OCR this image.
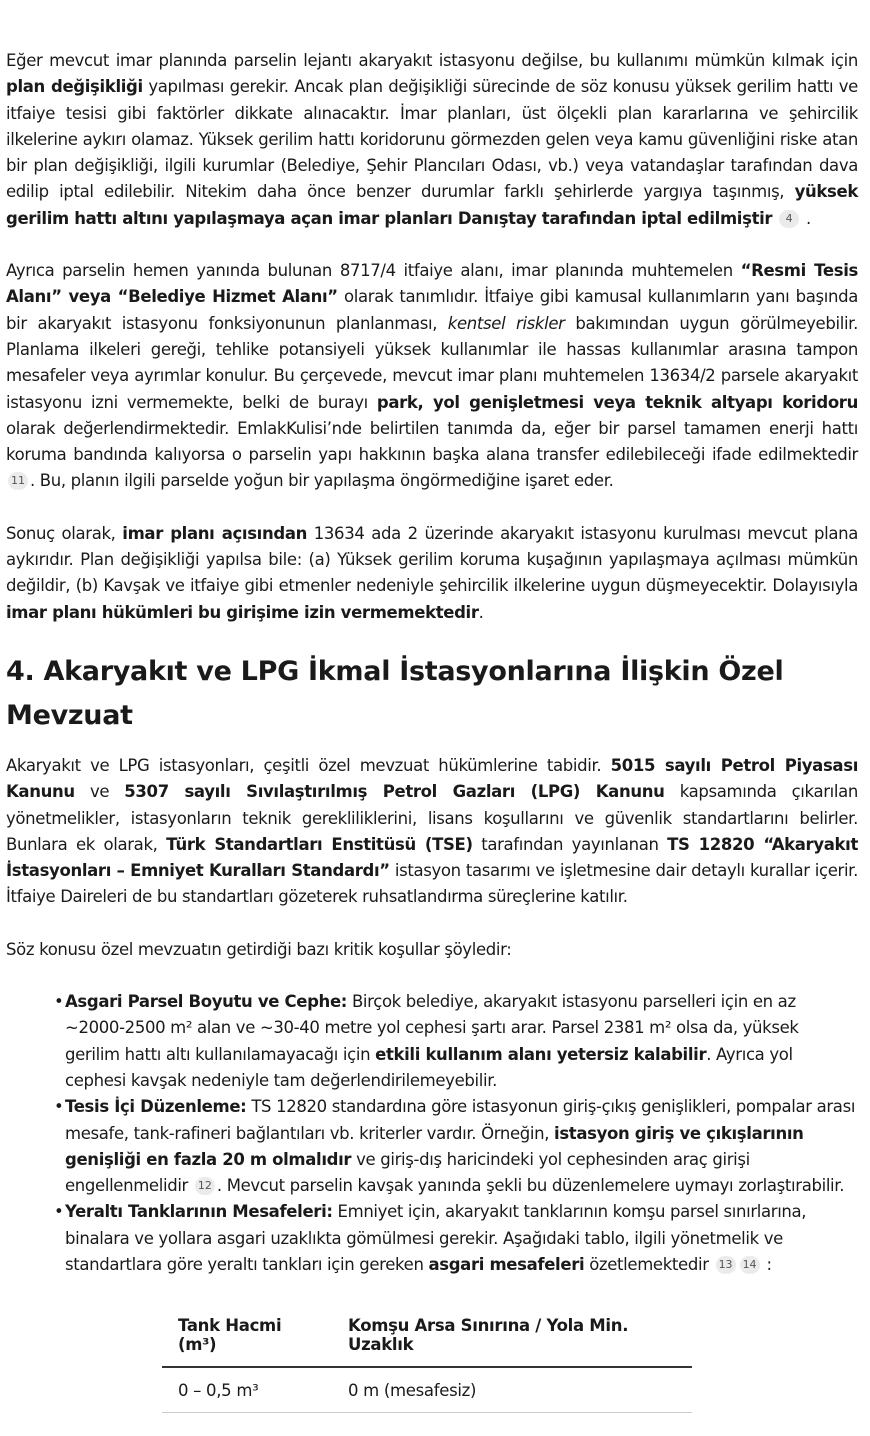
Eğer mevcut imar planında parselin lejantı akaryakıt istasyonu değilse, bu kullanımı mümkün kılmak için plan değişikliği yapılması gerekir. Ancak plan değişikliği sürecinde de söz konusu yüksek gerilim hattı ve itfaiye tesisi gibi faktörler dikkate alınacaktır. İmar planları, üst ölçekli plan kararlarına ve şehircilik ilkelerine aykırı olamaz. Yüksek gerilim hattı koridorunu görmezden gelen veya kamu güvenliğini riske atan bir plan değişikliği, ilgili kurumlar (Belediye, Şehir Plancıları Odası, vb.) veya vatandaşlar tarafından dava edilip iptal edilebilir. Nitekim daha önce benzer durumlar farklı şehirlerde yargıya taşınmış, yüksek gerilim hattı altını yapılaşmaya açan imar planları Danıştay tarafından iptal edilmiştir 4 .

Ayrıca parselin hemen yanında bulunan 8717/4 itfaiye alanı, imar planında muhtemelen “Resmi Tesis Alanı” veya “Belediye Hizmet Alanı” olarak tanımlıdır. İtfaiye gibi kamusal kullanımların yanı başında bir akaryakıt istasyonu fonksiyonunun planlanması, kentsel riskler bakımından uygun görülmeyebilir. Planlama ilkeleri gereği, tehlike potansiyeli yüksek kullanımlar ile hassas kullanımlar arasına tampon mesafeler veya ayrımlar konulur. Bu çerçevede, mevcut imar planı muhtemelen 13634/2 parsele akaryakıt istasyonu izni vermemekte, belki de burayı park, yol genişletmesi veya teknik altyapı koridoru olarak değerlendirmektedir. EmlakKulisi’nde belirtilen tanımda da, eğer bir parsel tamamen enerji hattı koruma bandında kalıyorsa o parselin yapı hakkının başka alana transfer edilebileceği ifade edilmektedir 11 . Bu, planın ilgili parselde yoğun bir yapılaşma öngörmediğine işaret eder.

Sonuç olarak, imar planı açısından 13634 ada 2 üzerinde akaryakıt istasyonu kurulması mevcut plana aykırıdır. Plan değişikliği yapılsa bile: (a) Yüksek gerilim koruma kuşağının yapılaşmaya açılması mümkün değildir, (b) Kavşak ve itfaiye gibi etmenler nedeniyle şehircilik ilkelerine uygun düşmeyecektir. Dolayısıyla imar planı hükümleri bu girişime izin vermemektedir.

4. Akaryakıt ve LPG İkmal İstasyonlarına İlişkin Özel Mevzuat

Akaryakıt ve LPG istasyonları, çeşitli özel mevzuat hükümlerine tabidir. 5015 sayılı Petrol Piyasası Kanunu ve 5307 sayılı Sıvılaştırılmış Petrol Gazları (LPG) Kanunu kapsamında çıkarılan yönetmelikler, istasyonların teknik gerekliliklerini, lisans koşullarını ve güvenlik standartlarını belirler. Bunlara ek olarak, Türk Standartları Enstitüsü (TSE) tarafından yayınlanan TS 12820 “Akaryakıt İstasyonları – Emniyet Kuralları Standardı” istasyon tasarımı ve işletmesine dair detaylı kurallar içerir. İtfaiye Daireleri de bu standartları gözeterek ruhsatlandırma süreçlerine katılır.

Söz konusu özel mevzuatın getirdiği bazı kritik koşullar şöyledir:

• Asgari Parsel Boyutu ve Cephe: Birçok belediye, akaryakıt istasyonu parselleri için en az ~2000-2500 m² alan ve ~30-40 metre yol cephesi şartı arar. Parsel 2381 m² olsa da, yüksek gerilim hattı altı kullanılamayacağı için etkili kullanım alanı yetersiz kalabilir. Ayrıca yol cephesi kavşak nedeniyle tam değerlendirilemeyebilir.
• Tesis İçi Düzenleme: TS 12820 standardına göre istasyonun giriş-çıkış genişlikleri, pompalar arası mesafe, tank-rafineri bağlantıları vb. kriterler vardır. Örneğin, istasyon giriş ve çıkışlarının genişliği en fazla 20 m olmalıdır ve giriş-dış haricindeki yol cephesinden araç girişi engellenmelidir 12 . Mevcut parselin kavşak yanında şekli bu düzenlemelere uymayı zorlaştırabilir.
• Yeraltı Tanklarının Mesafeleri: Emniyet için, akaryakıt tanklarının komşu parsel sınırlarına, binalara ve yollara asgari uzaklıkta gömülmesi gerekir. Aşağıdaki tablo, ilgili yönetmelik ve standartlara göre yeraltı tankları için gereken asgari mesafeleri özetlemektedir 13 14 :
Tank Hacmi (m³)	Komşu Arsa Sınırına / Yola Min. Uzaklık
0 – 0,5 m³	0 m (mesafesiz)
